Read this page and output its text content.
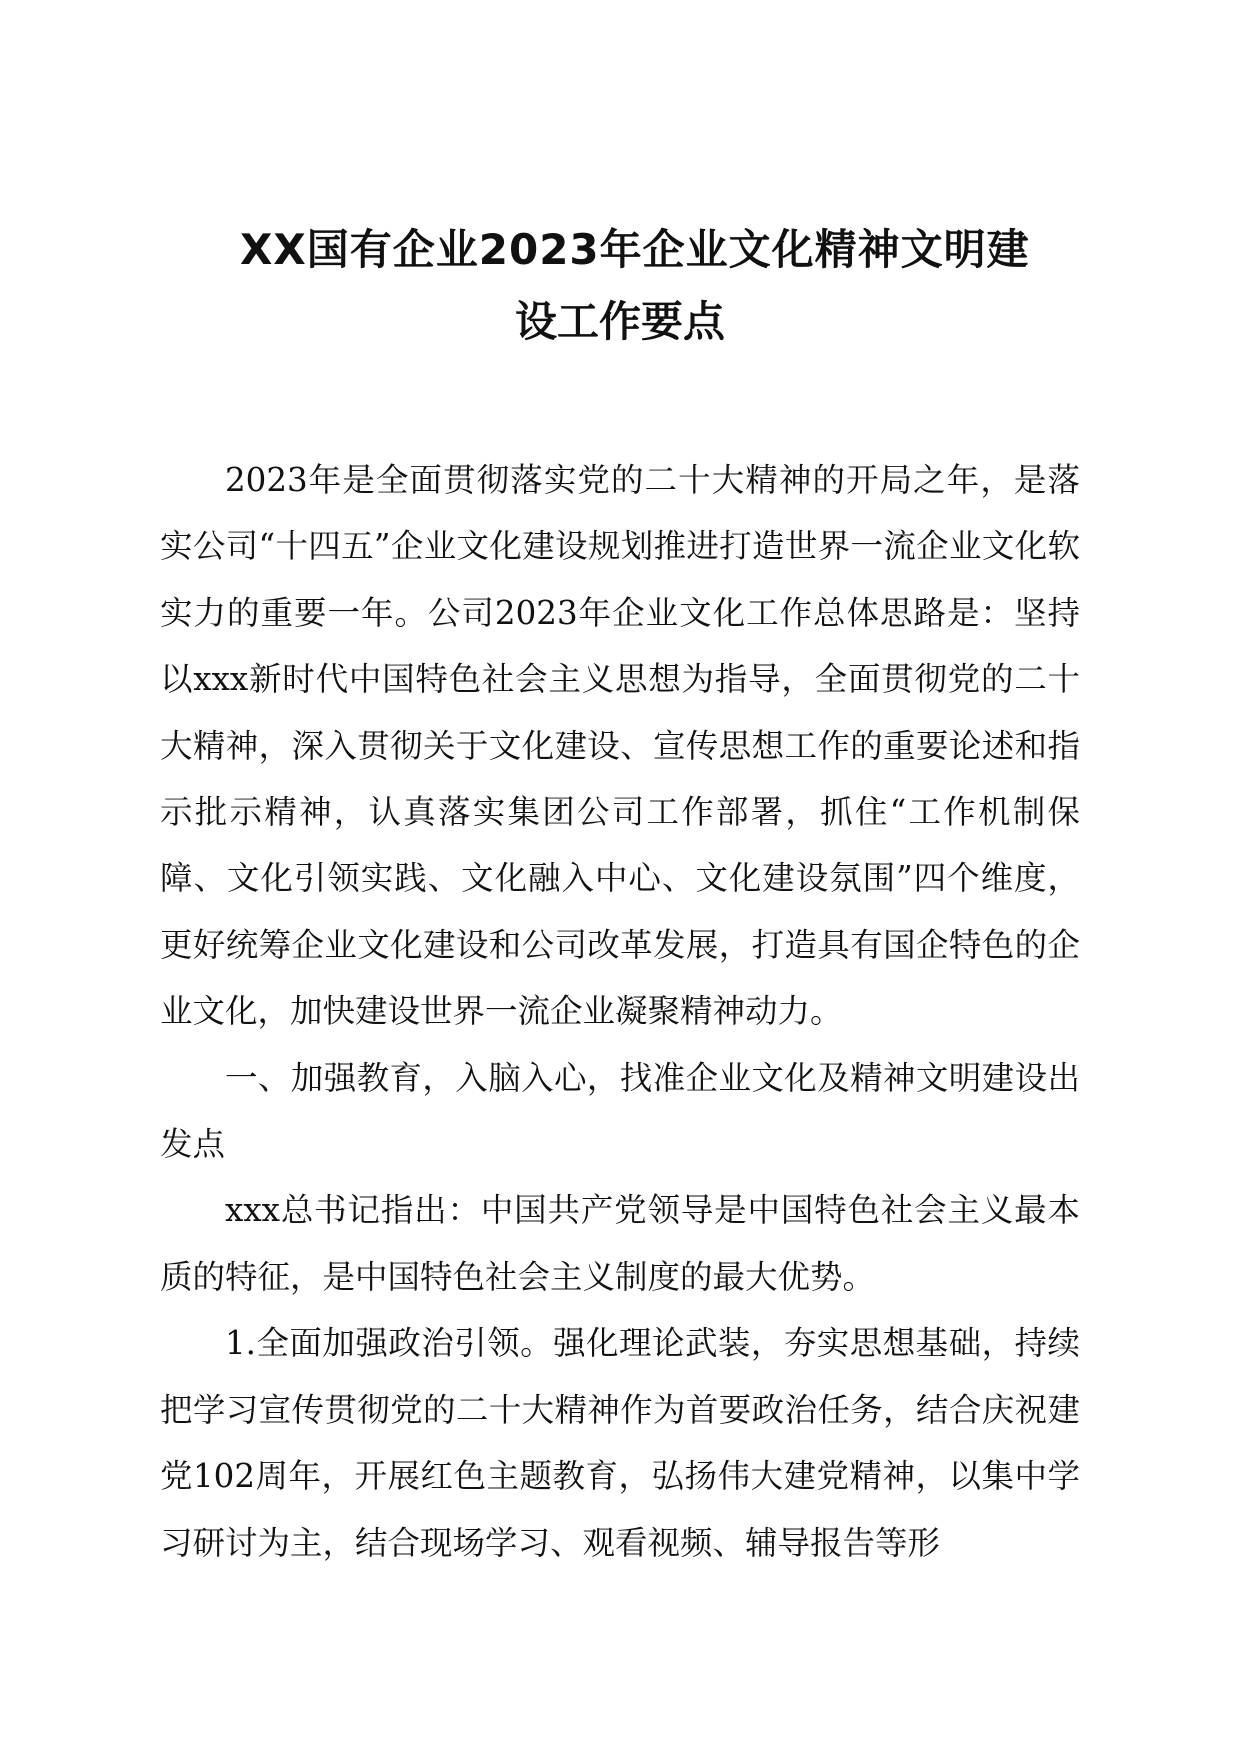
XX国有企业2023年企业文化精神文明建
设工作要点

2023年是全面贯彻落实党的二十大精神的开局之年，是落实公司“十四五”企业文化建设规划推进打造世界一流企业文化软实力的重要一年。公司2023年企业文化工作总体思路是：坚持以xxx新时代中国特色社会主义思想为指导，全面贯彻党的二十大精神，深入贯彻关于文化建设、宣传思想工作的重要论述和指示批示精神，认真落实集团公司工作部署，抓住“工作机制保障、文化引领实践、文化融入中心、文化建设氛围”四个维度，更好统筹企业文化建设和公司改革发展，打造具有国企特色的企业文化，加快建设世界一流企业凝聚精神动力。

一、加强教育，入脑入心，找准企业文化及精神文明建设出发点

xxx总书记指出：中国共产党领导是中国特色社会主义最本质的特征，是中国特色社会主义制度的最大优势。

1.全面加强政治引领。强化理论武装，夯实思想基础，持续把学习宣传贯彻党的二十大精神作为首要政治任务，结合庆祝建党102周年，开展红色主题教育，弘扬伟大建党精神，以集中学习研讨为主，结合现场学习、观看视频、辅导报告等形
